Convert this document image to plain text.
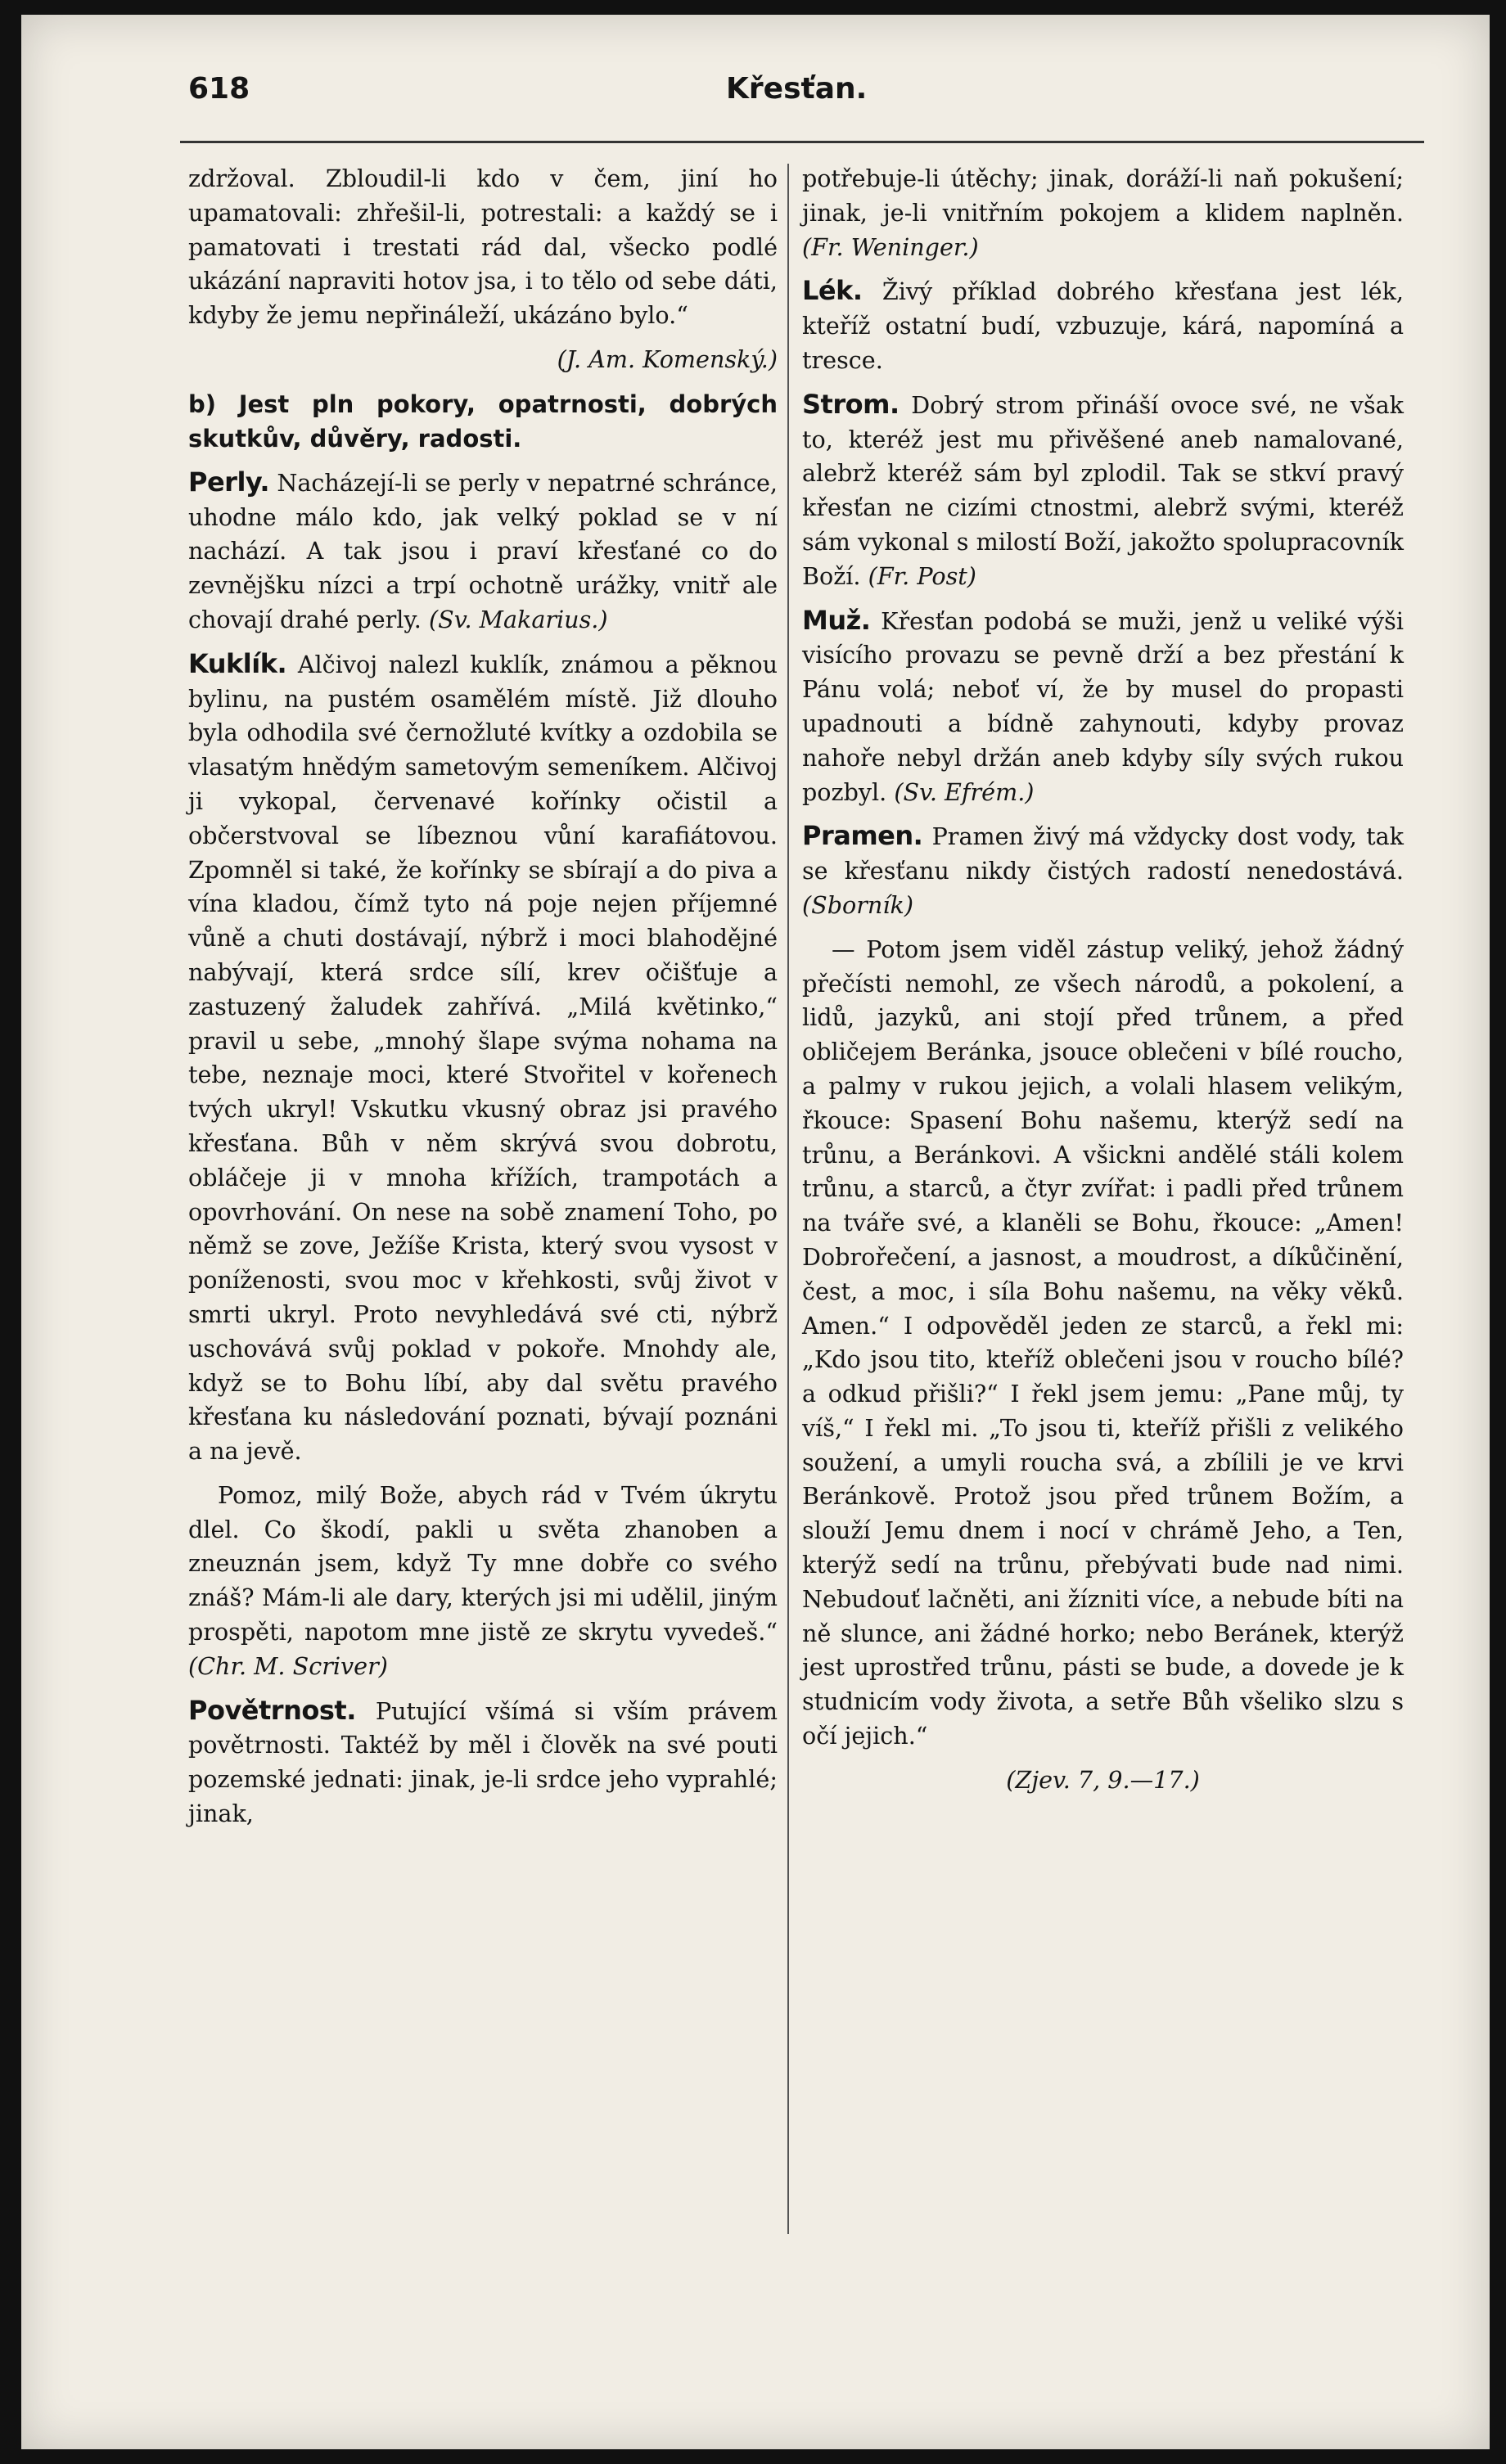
618	Křesťan.

zdržoval. Zbloudil-li kdo v čem, jiní ho upamatovali: zhřešil-li, potrestali: a každý se i pamatovati i trestati rád dal, všecko podlé ukázání napraviti hotov jsa, i to tělo od sebe dáti, kdyby že jemu nepřináleží, ukázáno bylo.“

(J. Am. Komenský.)

b) Jest pln pokory, opatrnosti, dobrých skutkův, důvěry, radosti.

Perly. Nacházejí-li se perly v nepatrné schránce, uhodne málo kdo, jak velký poklad se v ní nachází. A tak jsou i praví křesťané co do zevnějšku nízci a trpí ochotně urážky, vnitř ale chovají drahé perly. (Sv. Makarius.)

Kuklík. Alčivoj nalezl kuklík, známou a pěknou bylinu, na pustém osamělém místě. Již dlouho byla odhodila své černožluté kvítky a ozdobila se vlasatým hnědým sametovým semeníkem. Alčivoj ji vykopal, červenavé kořínky očistil a občerstvoval se líbeznou vůní karafiátovou. Zpomněl si také, že kořínky se sbírají a do piva a vína kladou, čímž tyto ná poje nejen příjemné vůně a chuti dostávají, nýbrž i moci blahodějné nabývají, která srdce sílí, krev očišťuje a zastuzený žaludek zahřívá. „Milá květinko,“ pravil u sebe, „mnohý šlape svýma nohama na tebe, neznaje moci, které Stvořitel v kořenech tvých ukryl! Vskutku vkusný obraz jsi pravého křesťana. Bůh v něm skrývá svou dobrotu, obláčeje ji v mnoha křížích, trampotách a opovrhování. On nese na sobě znamení Toho, po němž se zove, Ježíše Krista, který svou vysost v poníženosti, svou moc v křehkosti, svůj život v smrti ukryl. Proto nevyhledává své cti, nýbrž uschovává svůj poklad v pokoře. Mnohdy ale, když se to Bohu líbí, aby dal světu pravého křesťana ku následování poznati, bývají poznáni a na jevě.

Pomoz, milý Bože, abych rád v Tvém úkrytu dlel. Co škodí, pakli u světa zhanoben a zneuznán jsem, když Ty mne dobře co svého znáš? Mám-li ale dary, kterých jsi mi udělil, jiným prospěti, napotom mne jistě ze skrytu vyvedeš.“ (Chr. M. Scriver)

Povětrnost. Putující všímá si vším právem povětrnosti. Taktéž by měl i člověk na své pouti pozemské jednati: jinak, je-li srdce jeho vyprahlé; jinak,

potřebuje-li útěchy; jinak, doráží-li naň pokušení; jinak, je-li vnitřním pokojem a klidem naplněn. (Fr. Weninger.)

Lék. Živý příklad dobrého křesťana jest lék, kteříž ostatní budí, vzbuzuje, kárá, napomíná a tresce.

Strom. Dobrý strom přináší ovoce své, ne však to, kteréž jest mu přivěšené aneb namalované, alebrž kteréž sám byl zplodil. Tak se stkví pravý křesťan ne cizími ctnostmi, alebrž svými, kteréž sám vykonal s milostí Boží, jakožto spolupracovník Boží. (Fr. Post)

Muž. Křesťan podobá se muži, jenž u veliké výši visícího provazu se pevně drží a bez přestání k Pánu volá; neboť ví, že by musel do propasti upadnouti a bídně zahynouti, kdyby provaz nahoře nebyl držán aneb kdyby síly svých rukou pozbyl. (Sv. Efrém.)

Pramen. Pramen živý má vždycky dost vody, tak se křesťanu nikdy čistých radostí nenedostává. (Sborník)

— Potom jsem viděl zástup veliký, jehož žádný přečísti nemohl, ze všech národů, a pokolení, a lidů, jazyků, ani stojí před trůnem, a před obličejem Beránka, jsouce oblečeni v bílé roucho, a palmy v rukou jejich, a volali hlasem velikým, řkouce: Spasení Bohu našemu, kterýž sedí na trůnu, a Beránkovi. A všickni andělé stáli kolem trůnu, a starců, a čtyr zvířat: i padli před trůnem na tváře své, a klaněli se Bohu, řkouce: „Amen! Dobrořečení, a jasnost, a moudrost, a díkůčinění, čest, a moc, i síla Bohu našemu, na věky věků. Amen.“ I odpověděl jeden ze starců, a řekl mi: „Kdo jsou tito, kteříž oblečeni jsou v roucho bílé? a odkud přišli?“ I řekl jsem jemu: „Pane můj, ty víš,“ I řekl mi. „To jsou ti, kteříž přišli z velikého soužení, a umyli roucha svá, a zbílili je ve krvi Beránkově. Protož jsou před trůnem Božím, a slouží Jemu dnem i nocí v chrámě Jeho, a Ten, kterýž sedí na trůnu, přebývati bude nad nimi. Nebudouť lačněti, ani žízniti více, a nebude bíti na ně slunce, ani žádné horko; nebo Beránek, kterýž jest uprostřed trůnu, pásti se bude, a dovede je k studnicím vody života, a setře Bůh všeliko slzu s očí jejich.“

(Zjev. 7, 9.—17.)
